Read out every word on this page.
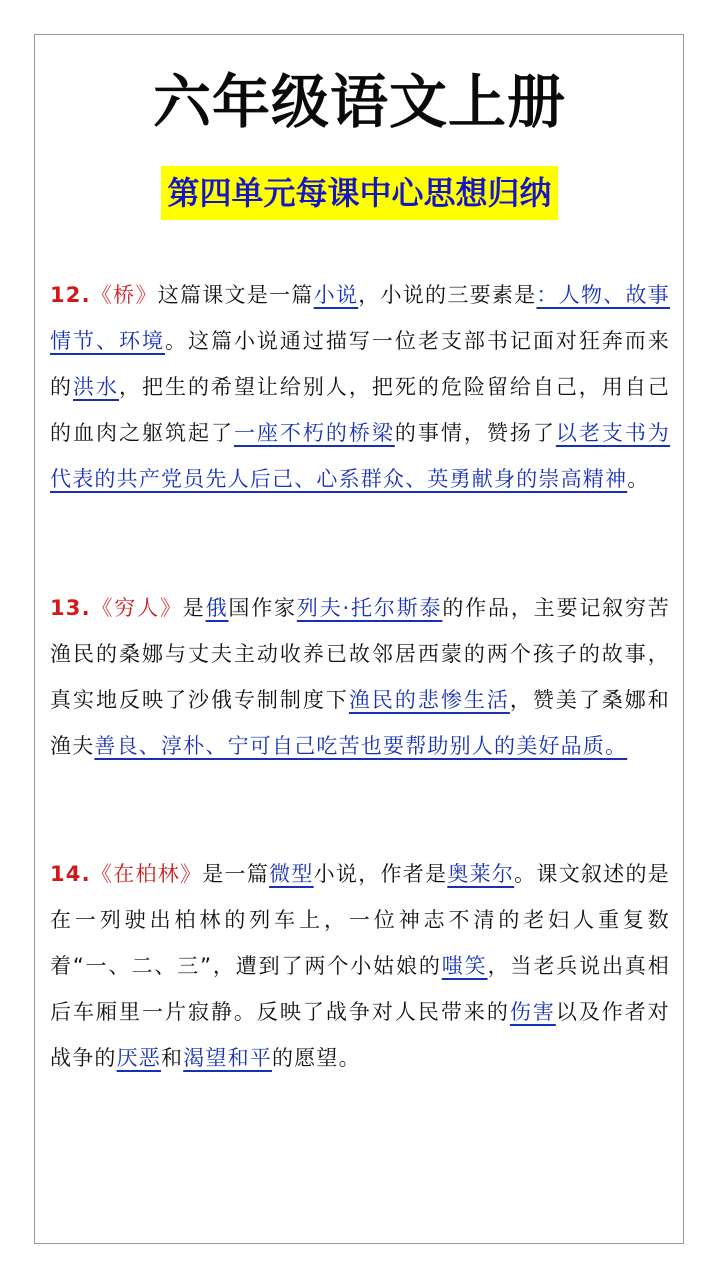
六年级语文上册
第四单元每课中心思想归纳
12.《桥》这篇课文是一篇小说，小说的三要素是：人物、故事情节、环境。这篇小说通过描写一位老支部书记面对狂奔而来的洪水，把生的希望让给别人，把死的危险留给自己，用自己的血肉之躯筑起了一座不朽的桥梁的事情，赞扬了以老支书为代表的共产党员先人后己、心系群众、英勇献身的崇高精神。
13.《穷人》是俄国作家列夫·托尔斯泰的作品，主要记叙穷苦渔民的桑娜与丈夫主动收养已故邻居西蒙的两个孩子的故事，真实地反映了沙俄专制制度下渔民的悲惨生活，赞美了桑娜和渔夫善良、淳朴、宁可自己吃苦也要帮助别人的美好品质。
14.《在柏林》是一篇微型小说，作者是奥莱尔。课文叙述的是在一列驶出柏林的列车上，一位神志不清的老妇人重复数着“一、二、三”，遭到了两个小姑娘的嗤笑，当老兵说出真相后车厢里一片寂静。反映了战争对人民带来的伤害以及作者对战争的厌恶和渴望和平的愿望。
